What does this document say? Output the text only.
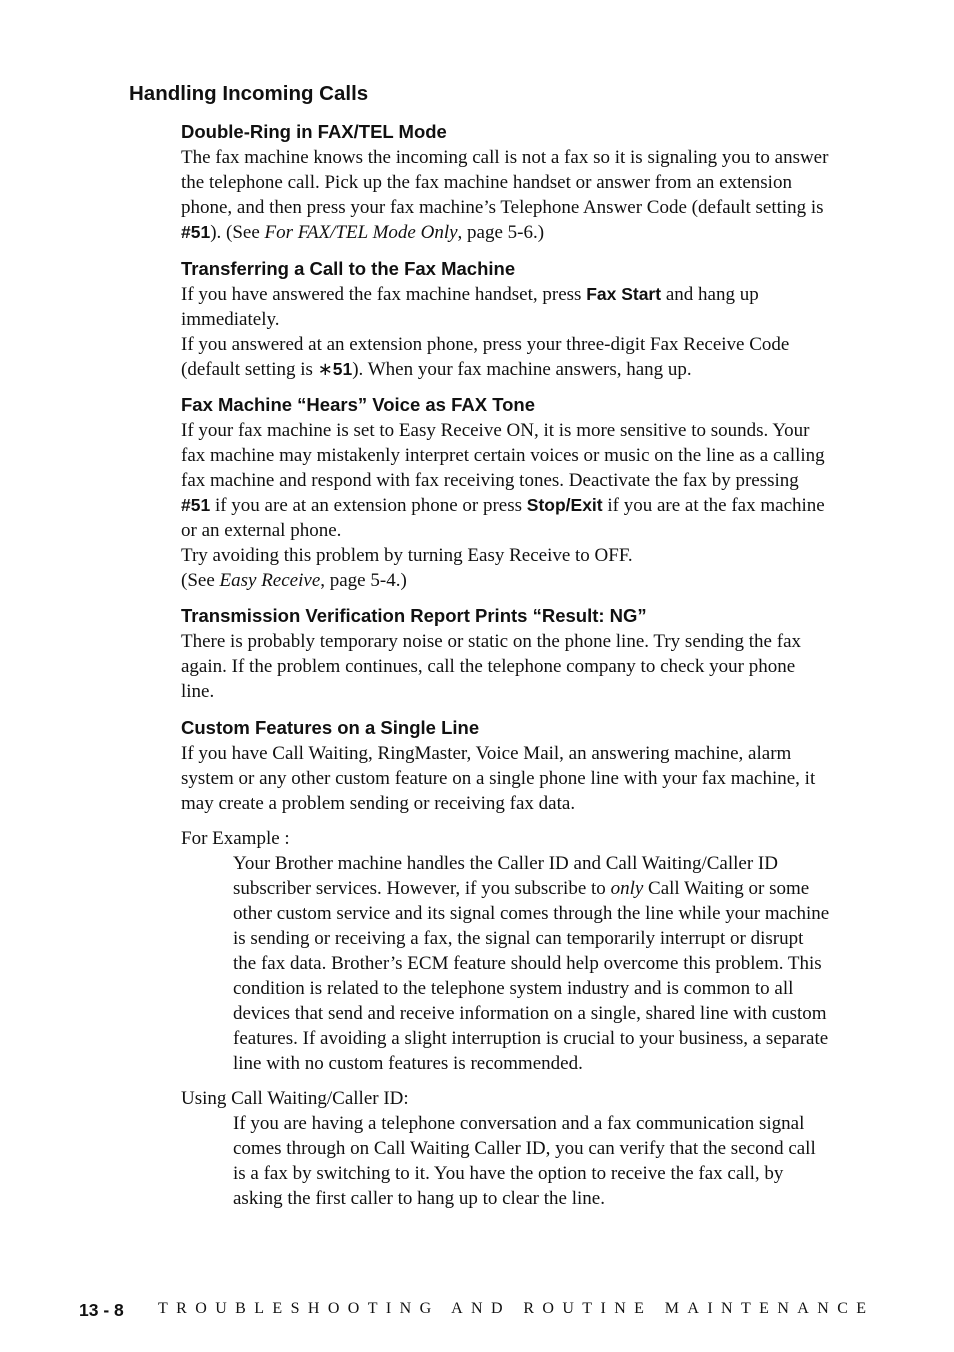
Handling Incoming Calls
Double-Ring in FAX/TEL Mode

The fax machine knows the incoming call is not a fax so it is signaling you to answer the telephone call. Pick up the fax machine handset or answer from an extension phone, and then press your fax machine’s Telephone Answer Code (default setting is #51). (See For FAX/TEL Mode Only, page 5-6.)

Transferring a Call to the Fax Machine

If you have answered the fax machine handset, press Fax Start and hang up immediately.

If you answered at an extension phone, press your three-digit Fax Receive Code (default setting is ∗51). When your fax machine answers, hang up.

Fax Machine “Hears” Voice as FAX Tone

If your fax machine is set to Easy Receive ON, it is more sensitive to sounds. Your fax machine may mistakenly interpret certain voices or music on the line as a calling fax machine and respond with fax receiving tones. Deactivate the fax by pressing #51 if you are at an extension phone or press Stop/Exit if you are at the fax machine or an external phone.

Try avoiding this problem by turning Easy Receive to OFF.

(See Easy Receive, page 5-4.)

Transmission Verification Report Prints “Result: NG”

There is probably temporary noise or static on the phone line. Try sending the fax again. If the problem continues, call the telephone company to check your phone line.

Custom Features on a Single Line

If you have Call Waiting, RingMaster, Voice Mail, an answering machine, alarm system or any other custom feature on a single phone line with your fax machine, it may create a problem sending or receiving fax data.

For Example :

Your Brother machine handles the Caller ID and Call Waiting/Caller ID subscriber services. However, if you subscribe to only Call Waiting or some other custom service and its signal comes through the line while your machine is sending or receiving a fax, the signal can temporarily interrupt or disrupt the fax data. Brother’s ECM feature should help overcome this problem. This condition is related to the telephone system industry and is common to all devices that send and receive information on a single, shared line with custom features. If avoiding a slight interruption is crucial to your business, a separate line with no custom features is recommended.

Using Call Waiting/Caller ID:

If you are having a telephone conversation and a fax communication signal comes through on Call Waiting Caller ID, you can verify that the second call is a fax by switching to it. You have the option to receive the fax call, by asking the first caller to hang up to clear the line.

13 - 8 TROUBLESHOOTING AND ROUTINE MAINTENANCE
